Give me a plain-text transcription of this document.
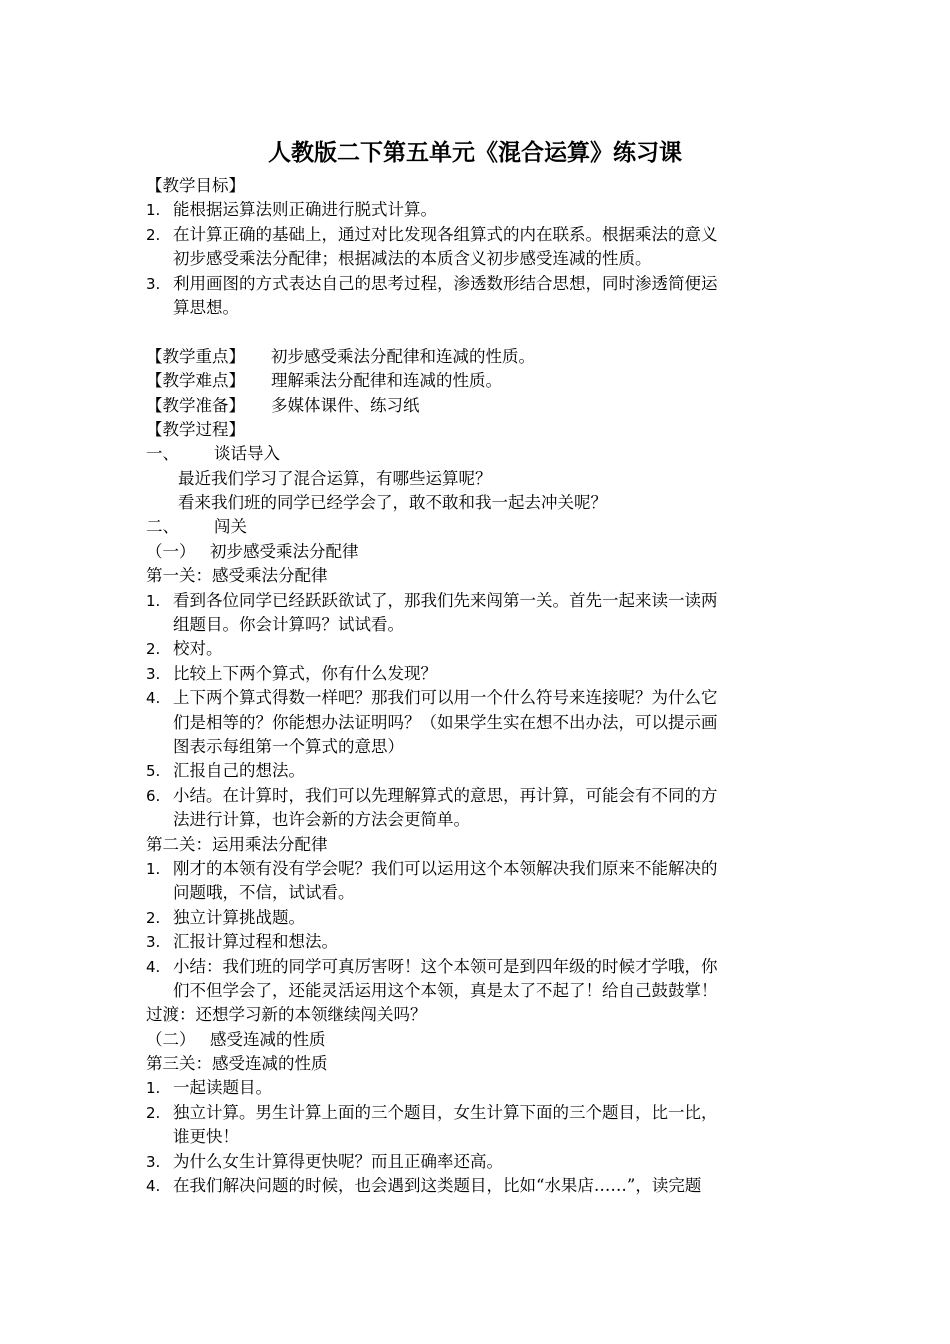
人教版二下第五单元《混合运算》练习课
【教学目标】
1. 能根据运算法则正确进行脱式计算。
2. 在计算正确的基础上，通过对比发现各组算式的内在联系。根据乘法的意义
初步感受乘法分配律；根据减法的本质含义初步感受连减的性质。
3. 利用画图的方式表达自己的思考过程，渗透数形结合思想，同时渗透简便运
算思想。
【教学重点】 初步感受乘法分配律和连减的性质。
【教学难点】 理解乘法分配律和连减的性质。
【教学准备】 多媒体课件、练习纸
【教学过程】
一、 谈话导入
最近我们学习了混合运算，有哪些运算呢？
看来我们班的同学已经学会了，敢不敢和我一起去冲关呢？
二、 闯关
（一） 初步感受乘法分配律
第一关：感受乘法分配律
1. 看到各位同学已经跃跃欲试了，那我们先来闯第一关。首先一起来读一读两
组题目。你会计算吗？试试看。
2. 校对。
3. 比较上下两个算式，你有什么发现？
4. 上下两个算式得数一样吧？那我们可以用一个什么符号来连接呢？为什么它
们是相等的？你能想办法证明吗？（如果学生实在想不出办法，可以提示画
图表示每组第一个算式的意思）
5. 汇报自己的想法。
6. 小结。在计算时，我们可以先理解算式的意思，再计算，可能会有不同的方
法进行计算，也许会新的方法会更简单。
第二关：运用乘法分配律
1. 刚才的本领有没有学会呢？我们可以运用这个本领解决我们原来不能解决的
问题哦，不信，试试看。
2. 独立计算挑战题。
3. 汇报计算过程和想法。
4. 小结：我们班的同学可真厉害呀！这个本领可是到四年级的时候才学哦，你
们不但学会了，还能灵活运用这个本领，真是太了不起了！给自己鼓鼓掌！
过渡：还想学习新的本领继续闯关吗？
（二） 感受连减的性质
第三关：感受连减的性质
1. 一起读题目。
2. 独立计算。男生计算上面的三个题目，女生计算下面的三个题目，比一比，
谁更快！
3. 为什么女生计算得更快呢？而且正确率还高。
4. 在我们解决问题的时候，也会遇到这类题目，比如“水果店……”，读完题
